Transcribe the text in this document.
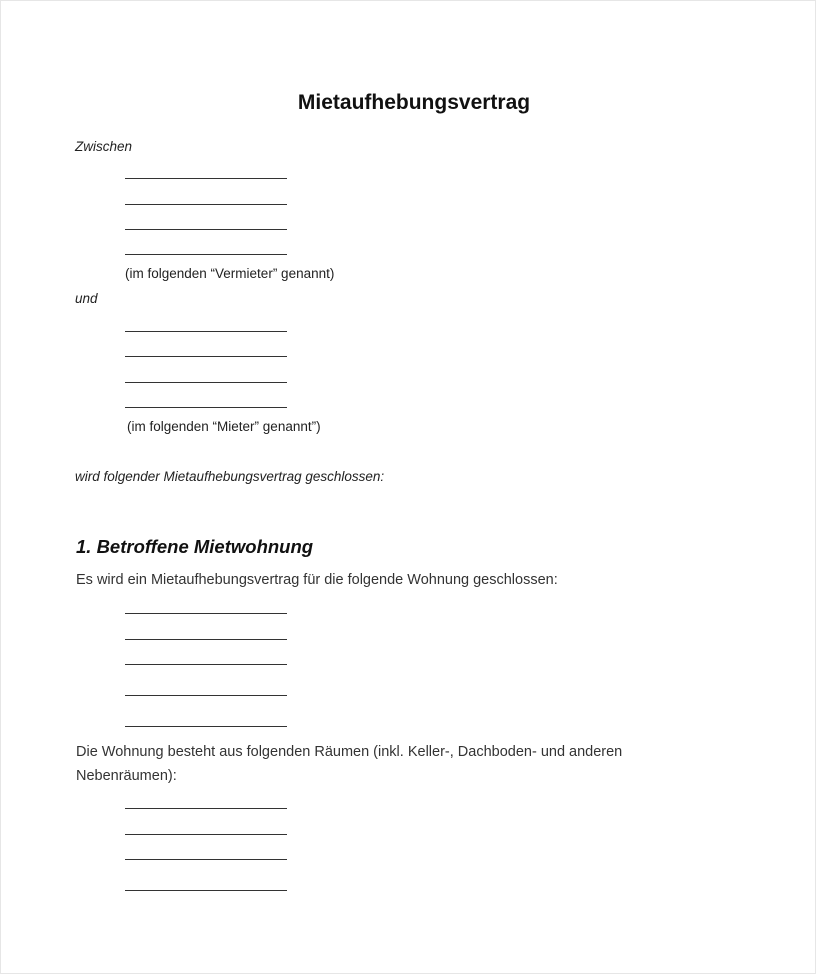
Mietaufhebungsvertrag
Zwischen
(im folgenden “Vermieter” genannt)
und
(im folgenden “Mieter” genannt”)
wird folgender Mietaufhebungsvertrag geschlossen:
1. Betroffene Mietwohnung
Es wird ein Mietaufhebungsvertrag für die folgende Wohnung geschlossen:
Die Wohnung besteht aus folgenden Räumen (inkl. Keller-, Dachboden- und anderen
Nebenräumen):
